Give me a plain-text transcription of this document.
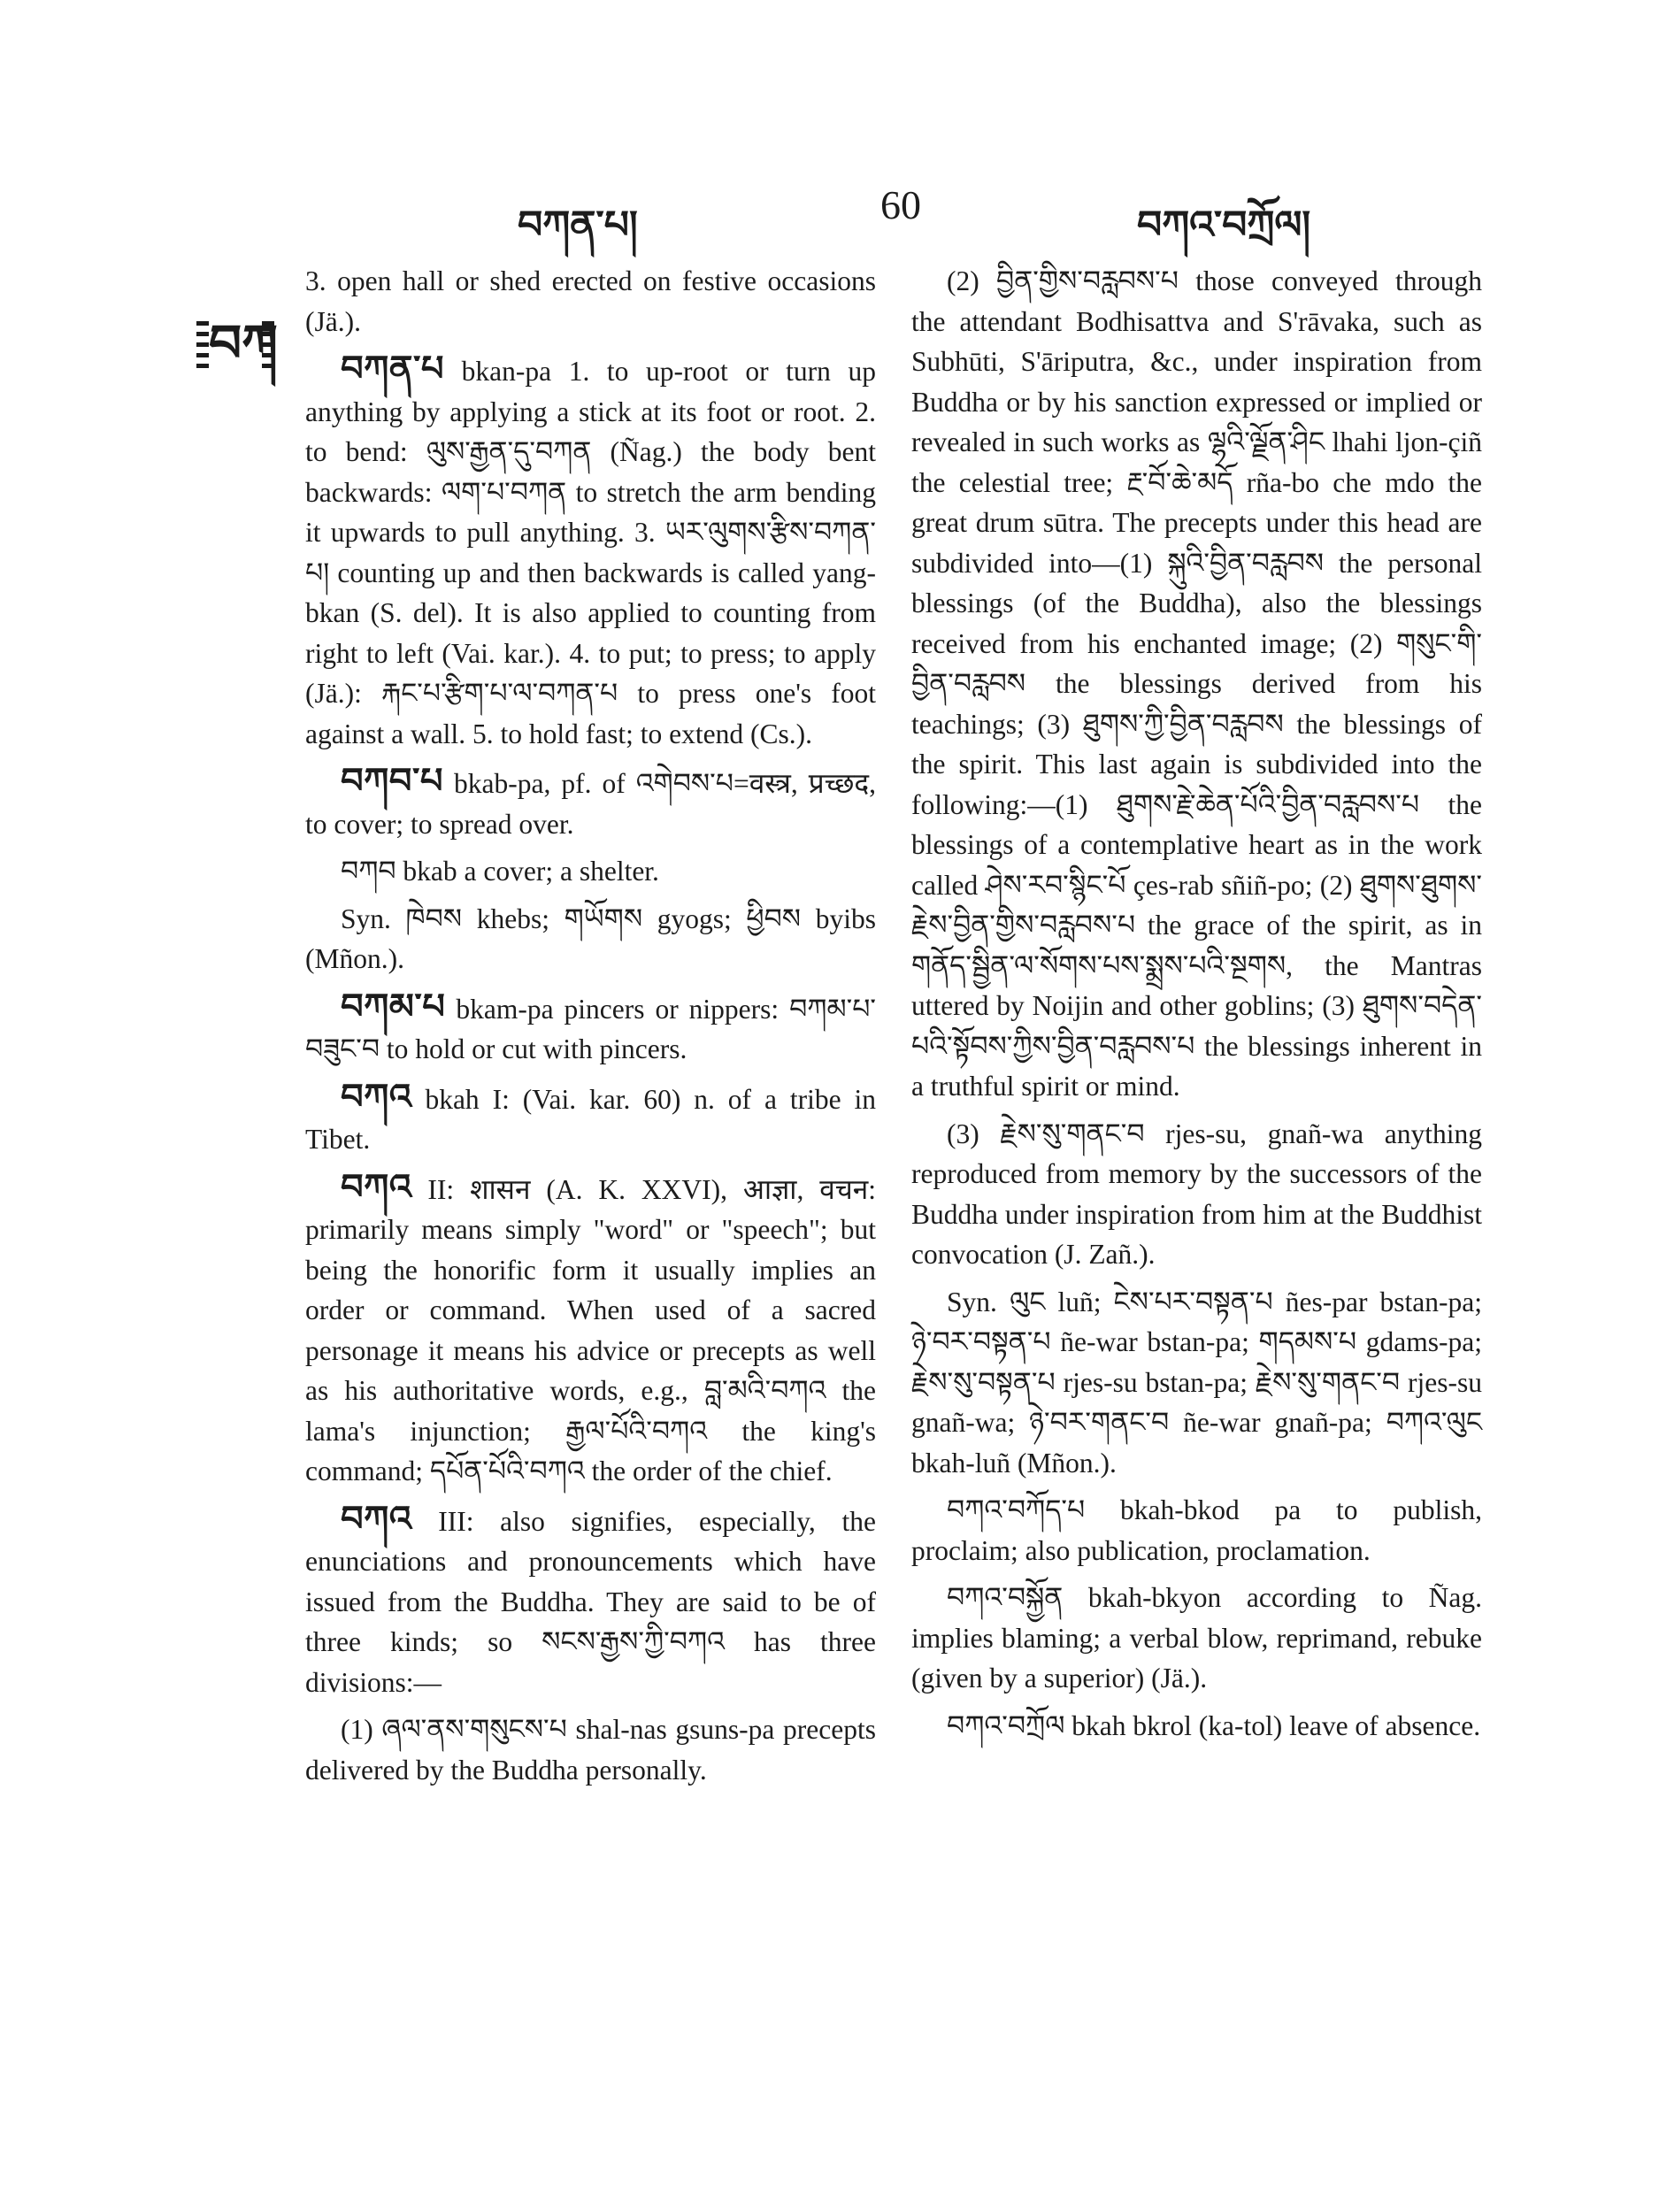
བཀན་པ།	60	བཀའ་བཀྲོལ།
བཀ

3. open hall or shed erected on festive occasions (Jä.).

བཀན་པ bkan-pa 1. to up-root or turn up anything by applying a stick at its foot or root. 2. to bend: ལུས་རྒྱན་དུ་བཀན (Ñag.) the body bent backwards: ལག་པ་བཀན to stretch the arm bending it upwards to pull anything. 3. ཡར་ལུགས་རྩིས་བཀན་པ། counting up and then backwards is called yang-bkan (S. del). It is also applied to counting from right to left (Vai. kar.). 4. to put; to press; to apply (Jä.): རྐང་པ་རྩིག་པ་ལ་བཀན་པ to press one's foot against a wall. 5. to hold fast; to extend (Cs.).

བཀབ་པ bkab-pa, pf. of འགེབས་པ=वस्त्र, प्रच्छद, to cover; to spread over.

བཀབ bkab a cover; a shelter.

Syn. ཁེབས khebs; གཡོགས gyogs; ཕྱིབས byibs (Mñon.).

བཀམ་པ bkam-pa pincers or nippers: བཀམ་པ་བཟུང་བ to hold or cut with pincers.

བཀའ bkah I: (Vai. kar. 60) n. of a tribe in Tibet.

བཀའ II: शासन (A. K. XXVI), आज्ञा, वचन: primarily means simply "word" or "speech"; but being the honorific form it usually implies an order or command. When used of a sacred personage it means his advice or precepts as well as his authoritative words, e.g., བླ་མའི་བཀའ the lama's injunction; རྒྱལ་པོའི་བཀའ the king's command; དཔོན་པོའི་བཀའ the order of the chief.

བཀའ III: also signifies, especially, the enunciations and pronouncements which have issued from the Buddha. They are said to be of three kinds; so སངས་རྒྱས་ཀྱི་བཀའ has three divisions:—

(1) ཞལ་ནས་གསུངས་པ shal-nas gsuns-pa precepts delivered by the Buddha personally.

(2) བྱིན་གྱིས་བརླབས་པ those conveyed through the attendant Bodhisattva and S'rāvaka, such as Subhūti, S'āriputra, &c., under inspiration from Buddha or by his sanction expressed or implied or revealed in such works as ལྷའི་ལྗོན་ཤིང lhahi ljon-çiñ the celestial tree; རྔ་བོ་ཆེ་མདོ rña-bo che mdo the great drum sūtra. The precepts under this head are subdivided into—(1) སྐུའི་བྱིན་བརླབས the personal blessings (of the Buddha), also the blessings received from his enchanted image; (2) གསུང་གི་བྱིན་བརླབས the blessings derived from his teachings; (3) ཐུགས་ཀྱི་བྱིན་བརླབས the blessings of the spirit. This last again is subdivided into the following:—(1) ཐུགས་རྗེ་ཆེན་པོའི་བྱིན་བརླབས་པ the blessings of a contemplative heart as in the work called ཤེས་རབ་སྙིང་པོ çes-rab sñiñ-po; (2) ཐུགས་ཐུགས་རྗེས་བྱིན་གྱིས་བརླབས་པ the grace of the spirit, as in གནོད་སྦྱིན་ལ་སོགས་པས་སྨྲས་པའི་སྔགས, the Mantras uttered by Noijin and other goblins; (3) ཐུགས་བདེན་པའི་སྟོབས་ཀྱིས་བྱིན་བརླབས་པ the blessings inherent in a truthful spirit or mind.

(3) རྗེས་སུ་གནང་བ rjes-su, gnañ-wa anything reproduced from memory by the successors of the Buddha under inspiration from him at the Buddhist convocation (J. Zañ.).

Syn. ལུང luñ; ངེས་པར་བསྟན་པ ñes-par bstan-pa; ཉེ་བར་བསྟན་པ ñe-war bstan-pa; གདམས་པ gdams-pa; རྗེས་སུ་བསྟན་པ rjes-su bstan-pa; རྗེས་སུ་གནང་བ rjes-su gnañ-wa; ཉེ་བར་གནང་བ ñe-war gnañ-pa; བཀའ་ལུང bkah-luñ (Mñon.).

བཀའ་བཀོད་པ bkah-bkod pa to publish, proclaim; also publication, proclamation.

བཀའ་བསྐྱོན bkah-bkyon according to Ñag. implies blaming; a verbal blow, reprimand, rebuke (given by a superior) (Jä.).

བཀའ་བཀྲོལ bkah bkrol (ka-tol) leave of absence.
